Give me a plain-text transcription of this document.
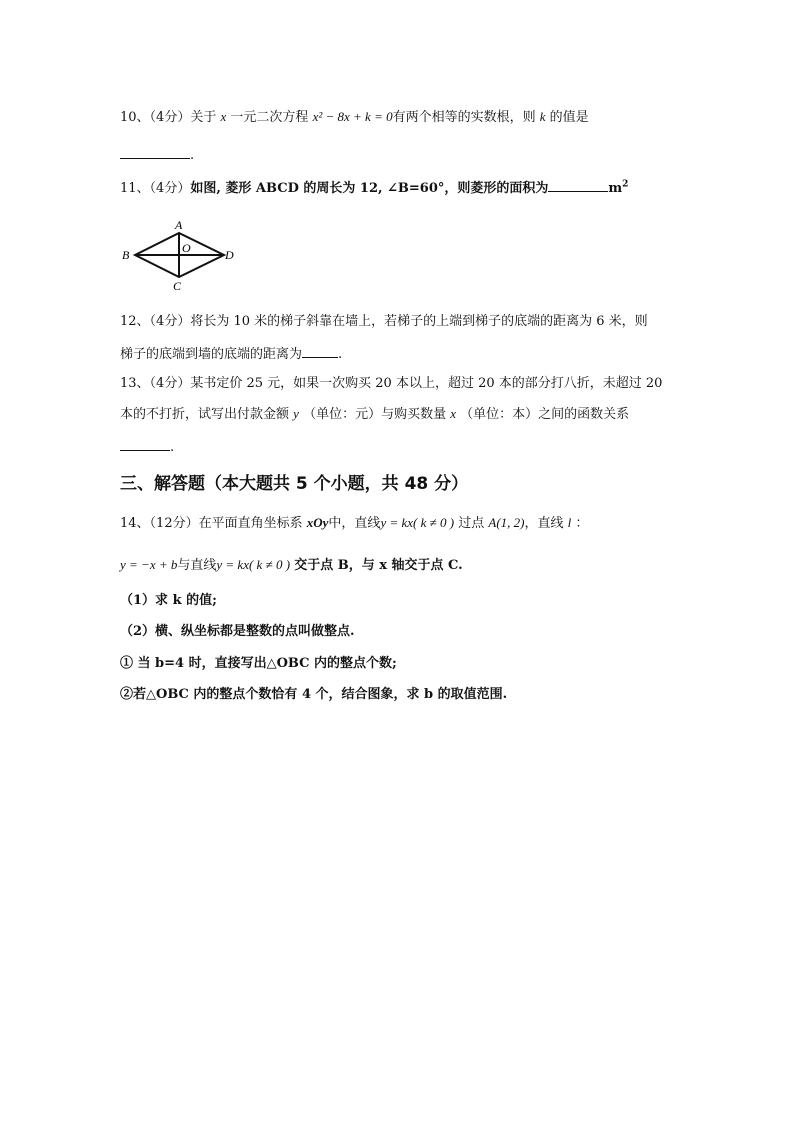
10、（4分）关于 x 一元二次方程 x² − 8x + k = 0有两个相等的实数根，则 k 的值是
.
11、（4分）如图, 菱形 ABCD 的周长为 12, ∠B=60°，则菱形的面积为	$m^2$
A
B
C
D
O
12、（4分）将长为 10 米的梯子斜靠在墙上，若梯子的上端到梯子的底端的距离为 6 米，则
梯子的底端到墙的底端的距离为	.
13、（4分）某书定价 25 元，如果一次购买 20 本以上，超过 20 本的部分打八折，未超过 20
本的不打折，试写出付款金额 y （单位：元）与购买数量 x （单位：本）之间的函数关系
.
三、解答题（本大题共 5 个小题，共 48 分）
14、（12分）在平面直角坐标系 xOy中，直线y = kx( k ≠ 0 ) 过点 A(1, 2)，直线 l ：
y = −x + b与直线y = kx( k ≠ 0 ) 交于点 B，与 x 轴交于点 C.
（1）求 k 的值;
（2）横、纵坐标都是整数的点叫做整点.
① 当 b=4 时，直接写出△OBC 内的整点个数;
②若△OBC 内的整点个数恰有 4 个，结合图象，求 b 的取值范围.
